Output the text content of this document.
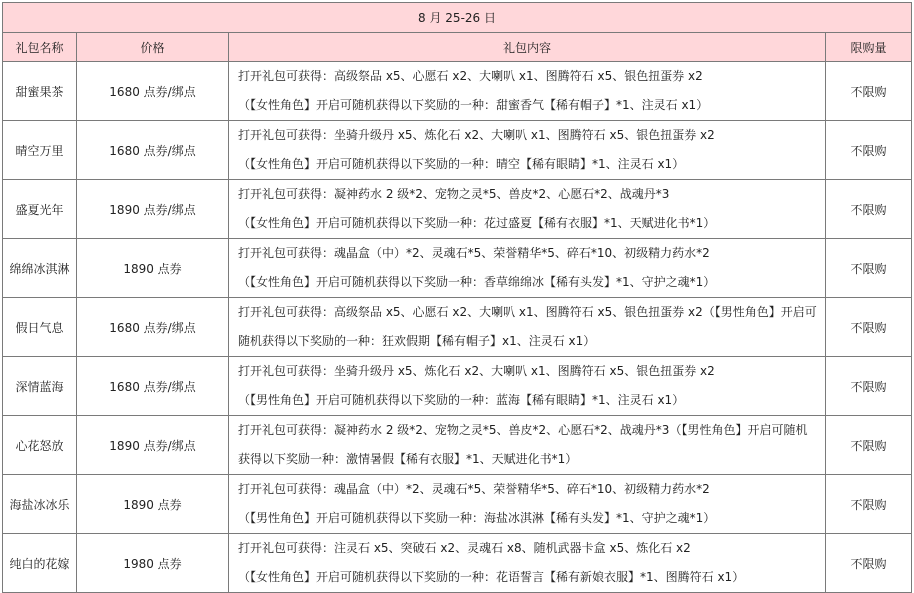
8 月 25-26 日			
礼包名称	价格	礼包内容	限购量
甜蜜果茶	1680 点券/绑点	打开礼包可获得：高级祭品 x5、心愿石 x2、大喇叭 x1、图腾符石 x5、银色扭蛋券 x2
（【女性角色】开启可随机获得以下奖励的一种：甜蜜香气【稀有帽子】*1、注灵石 x1）	不限购
晴空万里	1680 点券/绑点	打开礼包可获得：坐骑升级丹 x5、炼化石 x2、大喇叭 x1、图腾符石 x5、银色扭蛋券 x2
（【女性角色】开启可随机获得以下奖励的一种：晴空【稀有眼睛】*1、注灵石 x1）	不限购
盛夏光年	1890 点券/绑点	打开礼包可获得：凝神药水 2 级*2、宠物之灵*5、兽皮*2、心愿石*2、战魂丹*3
（【女性角色】开启可随机获得以下奖励一种：花过盛夏【稀有衣服】*1、天赋进化书*1）	不限购
绵绵冰淇淋	1890 点券	打开礼包可获得：魂晶盒（中）*2、灵魂石*5、荣誉精华*5、碎石*10、初级精力药水*2
（【女性角色】开启可随机获得以下奖励一种：香草绵绵冰【稀有头发】*1、守护之魂*1）	不限购
假日气息	1680 点券/绑点	打开礼包可获得：高级祭品 x5、心愿石 x2、大喇叭 x1、图腾符石 x5、银色扭蛋券 x2（【男性角色】开启可随机获得以下奖励的一种：狂欢假期【稀有帽子】x1、注灵石 x1）	不限购
深情蓝海	1680 点券/绑点	打开礼包可获得：坐骑升级丹 x5、炼化石 x2、大喇叭 x1、图腾符石 x5、银色扭蛋券 x2
（【男性角色】开启可随机获得以下奖励的一种：蓝海【稀有眼睛】*1、注灵石 x1）	不限购
心花怒放	1890 点券/绑点	打开礼包可获得：凝神药水 2 级*2、宠物之灵*5、兽皮*2、心愿石*2、战魂丹*3（【男性角色】开启可随机获得以下奖励一种：激情暑假【稀有衣服】*1、天赋进化书*1）	不限购
海盐冰冰乐	1890 点券	打开礼包可获得：魂晶盒（中）*2、灵魂石*5、荣誉精华*5、碎石*10、初级精力药水*2
（【男性角色】开启可随机获得以下奖励一种：海盐冰淇淋【稀有头发】*1、守护之魂*1）	不限购
纯白的花嫁	1980 点券	打开礼包可获得：注灵石 x5、突破石 x2、灵魂石 x8、随机武器卡盒 x5、炼化石 x2
（【女性角色】开启可随机获得以下奖励的一种：花语誓言【稀有新娘衣服】*1、图腾符石 x1）	不限购
